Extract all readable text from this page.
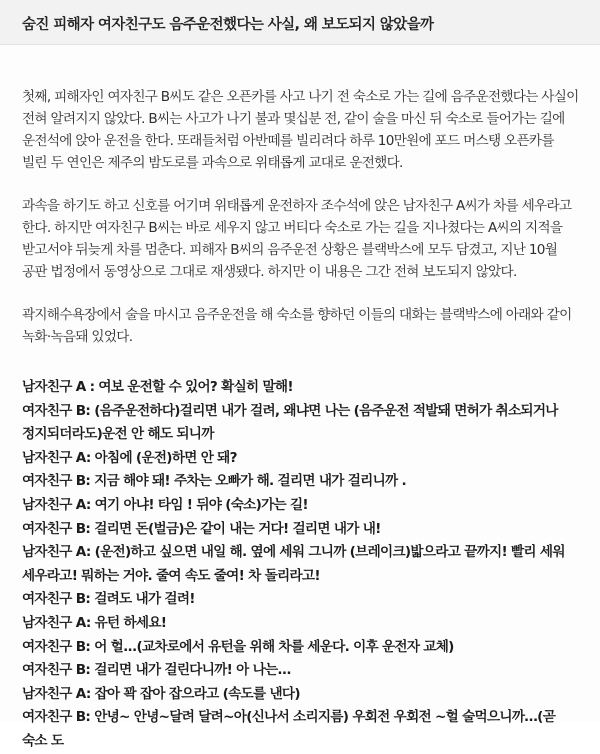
숨진 피해자 여자친구도 음주운전했다는 사실, 왜 보도되지 않았을까

첫째, 피해자인 여자친구 B씨도 같은 오픈카를 사고 나기 전 숙소로 가는 길에 음주운전했다는 사실이 전혀 알려지지 않았다. B씨는 사고가 나기 불과 몇십분 전, 같이 술을 마신 뒤 숙소로 들어가는 길에 운전석에 앉아 운전을 한다. 또래들처럼 아반떼를 빌리려다 하루 10만원에 포드 머스탱 오픈카를 빌린 두 연인은 제주의 밤도로를 과속으로 위태롭게 교대로 운전했다.

과속을 하기도 하고 신호를 어기며 위태롭게 운전하자 조수석에 앉은 남자친구 A씨가 차를 세우라고 한다. 하지만 여자친구 B씨는 바로 세우지 않고 버티다 숙소로 가는 길을 지나쳤다는 A씨의 지적을 받고서야 뒤늦게 차를 멈춘다. 피해자 B씨의 음주운전 상황은 블랙박스에 모두 담겼고, 지난 10월 공판 법정에서 동영상으로 그대로 재생됐다. 하지만 이 내용은 그간 전혀 보도되지 않았다.

곽지해수욕장에서 술을 마시고 음주운전을 해 숙소를 향하던 이들의 대화는 블랙박스에 아래와 같이 녹화·녹음돼 있었다.

남자친구 A : 여보 운전할 수 있어? 확실히 말해!
여자친구 B: (음주운전하다)걸리면 내가 걸려, 왜냐면 나는 (음주운전 적발돼 면허가 취소되거나 정지되더라도)운전 안 해도 되니까
남자친구 A: 아침에 (운전)하면 안 돼?
여자친구 B: 지금 해야 돼! 주차는 오빠가 해. 걸리면 내가 걸리니까 .
남자친구 A: 여기 아냐! 타임 ! 뒤야 (숙소)가는 길!
여자친구 B: 걸리면 돈(벌금)은 같이 내는 거다! 걸리면 내가 내!
남자친구 A: (운전)하고 싶으면 내일 해. 옆에 세워 그니까 (브레이크)밟으라고 끝까지! 빨리 세워 세우라고! 뭐하는 거야. 줄여 속도 줄여! 차 돌리라고!
여자친구 B: 걸려도 내가 걸려!
남자친구 A: 유턴 하세요!
여자친구 B: 어 헐...(교차로에서 유턴을 위해 차를 세운다. 이후 운전자 교체)
여자친구 B: 걸리면 내가 걸린다니까! 아 나는...
남자친구 A: 잡아 꽉 잡아 잡으라고 (속도를 낸다)
여자친구 B: 안녕~ 안녕~달려 달려~아(신나서 소리지름) 우회전 우회전 ~헐 술먹으니까…(곧 숙소 도
